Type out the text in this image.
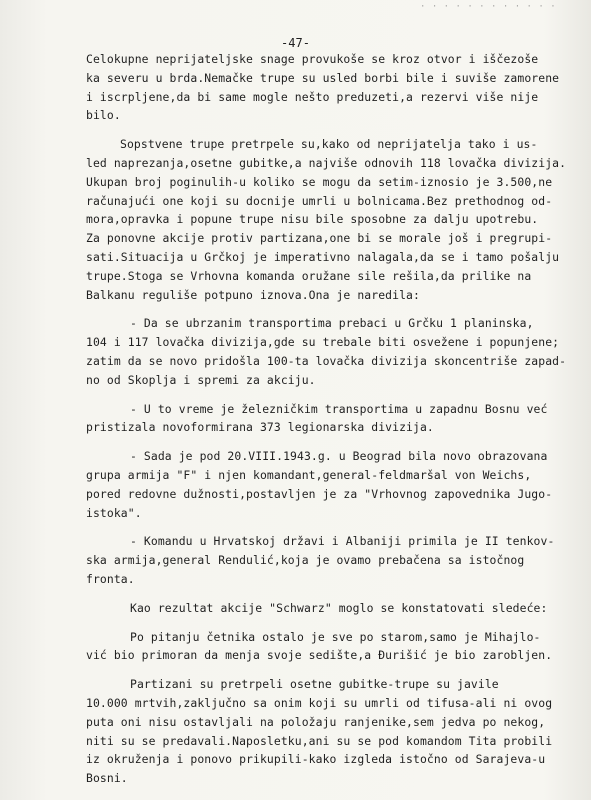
· · · · · · · · · · · ·
-47-
Celokupne neprijateljske snage provukoše se kroz otvor i iščezoše
ka severu u brda.Nemačke trupe su usled borbi bile i suviše zamorene
i iscrpljene,da bi same mogle nešto preduzeti,a rezervi više nije
bilo.
Sopstvene trupe pretrpele su,kako od neprijatelja tako i us-
led naprezanja,osetne gubitke,a najviše odnovih 118 lovačka divizija.
Ukupan broj poginulih-u koliko se mogu da setim-iznosio je 3.500,ne
računajući one koji su docnije umrli u bolnicama.Bez prethodnog od-
mora,opravka i popune trupe nisu bile sposobne za dalju upotrebu.
Za ponovne akcije protiv partizana,one bi se morale još i pregrupi-
sati.Situacija u Grčkoj je imperativno nalagala,da se i tamo pošalju
trupe.Stoga se Vrhovna komanda oružane sile rešila,da prilike na
Balkanu reguliše potpuno iznova.Ona je naredila:
- Da se ubrzanim transportima prebaci u Grčku 1 planinska,
104 i 117 lovačka divizija,gde su trebale biti osvežene i popunjene;
zatim da se novo pridošla 100-ta lovačka divizija skoncentriše zapad-
no od Skoplja i spremi za akciju.
- U to vreme je železničkim transportima u zapadnu Bosnu već
pristizala novoformirana 373 legionarska divizija.
- Sada je pod 20.VIII.1943.g. u Beograd bila novo obrazovana
grupa armija "F" i njen komandant,general-feldmaršal von Weichs,
pored redovne dužnosti,postavljen je za "Vrhovnog zapovednika Jugo-
istoka".
- Komandu u Hrvatskoj državi i Albaniji primila je II tenkov-
ska armija,general Rendulić,koja je ovamo prebačena sa istočnog
fronta.
Kao rezultat akcije "Schwarz" moglo se konstatovati sledeće:
Po pitanju četnika ostalo je sve po starom,samo je Mihajlo-
vić bio primoran da menja svoje sedište,a Đurišić je bio zarobljen.
Partizani su pretrpeli osetne gubitke-trupe su javile
10.000 mrtvih,zaključno sa onim koji su umrli od tifusa-ali ni ovog
puta oni nisu ostavljali na položaju ranjenike,sem jedva po nekog,
niti su se predavali.Naposletku,ani su se pod komandom Tita probili
iz okruženja i ponovo prikupili-kako izgleda istočno od Sarajeva-u
Bosni.
